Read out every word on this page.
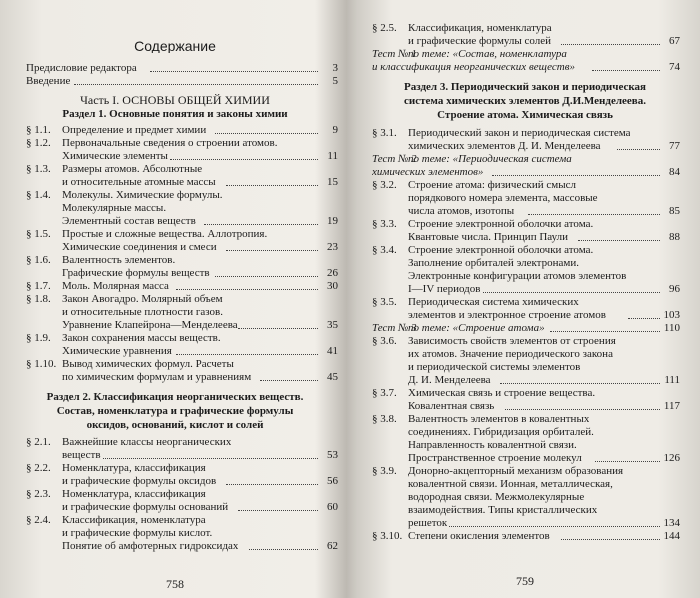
Содержание
Предисловие редактора	3
Введение	5
Часть I. ОСНОВЫ ОБЩЕЙ ХИМИИ
Раздел 1. Основные понятия и законы химии
§ 1.1. Определение и предмет химии	9
§ 1.2. Первоначальные сведения о строении атомов.
Химические элементы	11
§ 1.3. Размеры атомов. Абсолютные
и относительные атомные массы	15
§ 1.4. Молекулы. Химические формулы.
Молекулярные массы.
Элементный состав веществ	19
§ 1.5. Простые и сложные вещества. Аллотропия.
Химические соединения и смеси	23
§ 1.6. Валентность элементов.
Графические формулы веществ	26
§ 1.7. Моль. Молярная масса	30
§ 1.8. Закон Авогадро. Молярный объем
и относительные плотности газов.
Уравнение Клапейрона—Менделеева	35
§ 1.9. Закон сохранения массы веществ.
Химические уравнения	41
§ 1.10. Вывод химических формул. Расчеты
по химическим формулам и уравнениям	45
Раздел 2. Классификация неорганических веществ.
Состав, номенклатура и графические формулы
оксидов, оснований, кислот и солей
§ 2.1. Важнейшие классы неорганических
веществ	53
§ 2.2. Номенклатура, классификация
и графические формулы оксидов	56
§ 2.3. Номенклатура, классификация
и графические формулы оснований	60
§ 2.4. Классификация, номенклатура
и графические формулы кислот.
Понятие об амфотерных гидроксидах	62
758
§ 2.5. Классификация, номенклатура
и графические формулы солей	67
Тест № 1
по теме: «Состав, номенклатура
и классификация неорганических веществ»	74
Раздел 3. Периодический закон и периодическая
система химических элементов Д.И.Менделеева.
Строение атома. Химическая связь
§ 3.1. Периодический закон и периодическая система
химических элементов Д. И. Менделеева	77
Тест № 2
по теме: «Периодическая система
химических элементов»	84
§ 3.2. Строение атома: физический смысл
порядкового номера элемента, массовые
числа атомов, изотопы	85
§ 3.3. Строение электронной оболочки атома.
Квантовые числа. Принцип Паули	88
§ 3.4. Строение электронной оболочки атома.
Заполнение орбиталей электронами.
Электронные конфигурации атомов элементов
I—IV периодов	96
§ 3.5. Периодическая система химических
элементов и электронное строение атомов	103
Тест № 3
по теме: «Строение атома»	110
§ 3.6. Зависимость свойств элементов от строения
их атомов. Значение периодического закона
и периодической системы элементов
Д. И. Менделеева	111
§ 3.7. Химическая связь и строение вещества.
Ковалентная связь	117
§ 3.8. Валентность элементов в ковалентных
соединениях. Гибридизация орбиталей.
Направленность ковалентной связи.
Пространственное строение молекул	126
§ 3.9. Донорно-акцепторный механизм образования
ковалентной связи. Ионная, металлическая,
водородная связи. Межмолекулярные
взаимодействия. Типы кристаллических
решеток	134
§ 3.10. Степени окисления элементов	144
759
